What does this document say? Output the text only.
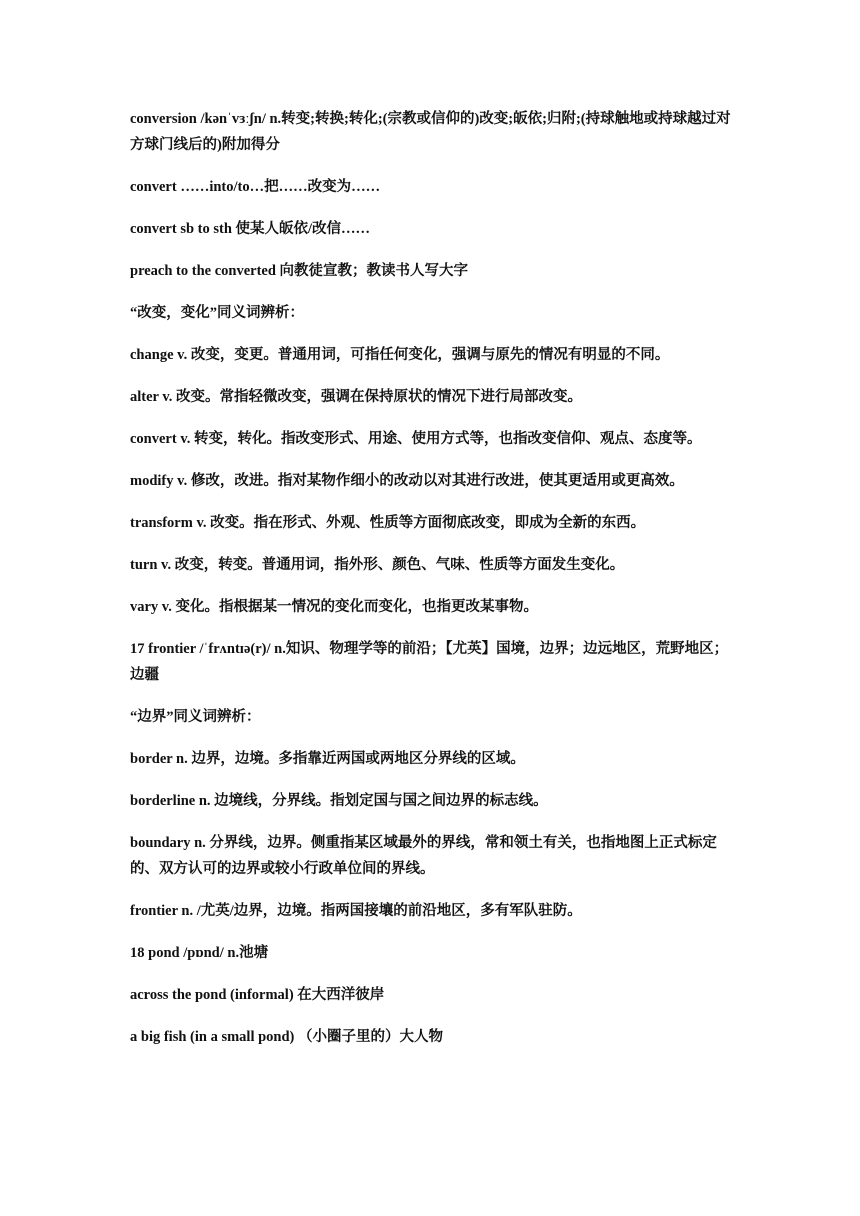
conversion /kənˈvɜːʃn/ n.转变;转换;转化;(宗教或信仰的)改变;皈依;归附;(持球触地或持球越过对方球门线后的)附加得分

convert ……into/to…把……改变为……

convert sb to sth 使某人皈依/改信……

preach to the converted 向教徒宣教；教读书人写大字

“改变，变化”同义词辨析：

change v. 改变，变更。普通用词，可指任何变化，强调与原先的情况有明显的不同。

alter v. 改变。常指轻微改变，强调在保持原状的情况下进行局部改变。

convert v. 转变，转化。指改变形式、用途、使用方式等，也指改变信仰、观点、态度等。

modify v. 修改，改进。指对某物作细小的改动以对其进行改进，使其更适用或更高效。

transform v. 改变。指在形式、外观、性质等方面彻底改变，即成为全新的东西。

turn v. 改变，转变。普通用词，指外形、颜色、气味、性质等方面发生变化。

vary v. 变化。指根据某一情况的变化而变化，也指更改某事物。

17 frontier /ˈfrʌntɪə(r)/ n.知识、物理学等的前沿；【尤英】国境，边界；边远地区，荒野地区；边疆

“边界”同义词辨析：

border n. 边界，边境。多指靠近两国或两地区分界线的区域。

borderline n. 边境线，分界线。指划定国与国之间边界的标志线。

boundary n. 分界线，边界。侧重指某区域最外的界线，常和领土有关，也指地图上正式标定的、双方认可的边界或较小行政单位间的界线。

frontier n. /尤英/边界，边境。指两国接壤的前沿地区，多有军队驻防。

18 pond /pɒnd/ n.池塘

across the pond (informal) 在大西洋彼岸

a big fish (in a small pond) （小圈子里的）大人物
